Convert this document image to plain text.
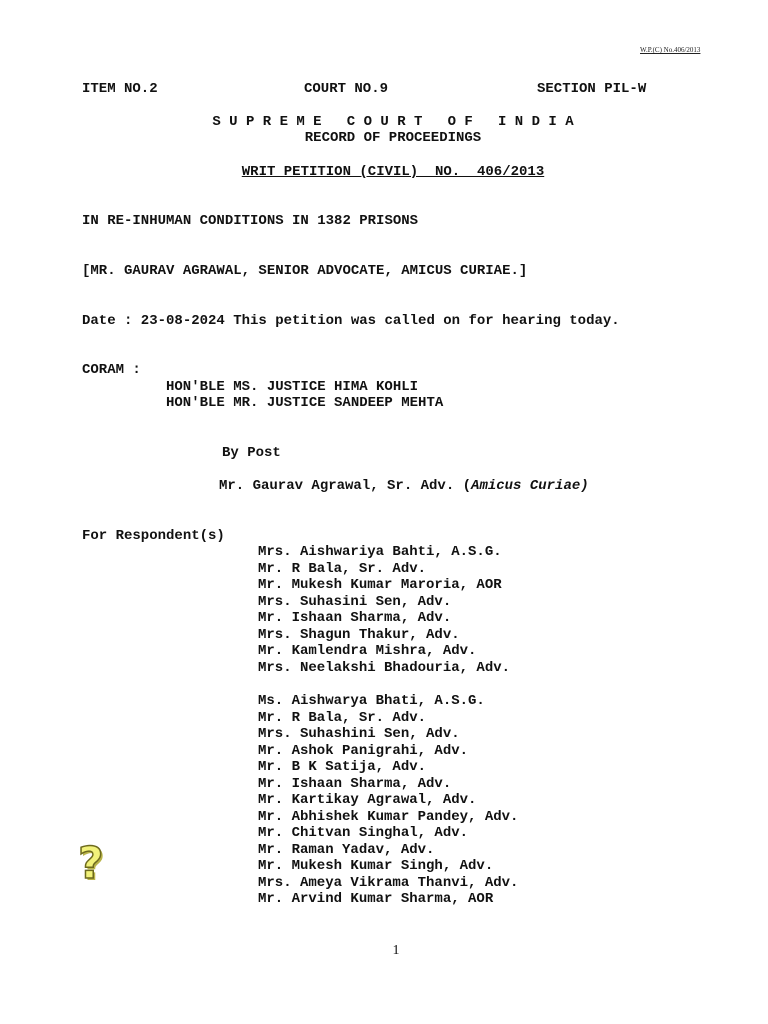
W.P.(C) No.406/2013
ITEM NO.2	COURT NO.9	SECTION PIL-W
S U P R E M E   C O U R T   O F   I N D I A
RECORD OF PROCEEDINGS
WRIT PETITION (CIVIL)  NO.  406/2013
IN RE-INHUMAN CONDITIONS IN 1382 PRISONS
[MR. GAURAV AGRAWAL, SENIOR ADVOCATE, AMICUS CURIAE.]
Date : 23-08-2024 This petition was called on for hearing today.
CORAM :
HON'BLE MS. JUSTICE HIMA KOHLI
HON'BLE MR. JUSTICE SANDEEP MEHTA
By Post
Mr. Gaurav Agrawal, Sr. Adv. (Amicus Curiae)
For Respondent(s)
Mrs. Aishwariya Bahti, A.S.G.
Mr. R Bala, Sr. Adv.
Mr. Mukesh Kumar Maroria, AOR
Mrs. Suhasini Sen, Adv.
Mr. Ishaan Sharma, Adv.
Mrs. Shagun Thakur, Adv.
Mr. Kamlendra Mishra, Adv.
Mrs. Neelakshi Bhadouria, Adv.
Ms. Aishwarya Bhati, A.S.G.
Mr. R Bala, Sr. Adv.
Mrs. Suhashini Sen, Adv.
Mr. Ashok Panigrahi, Adv.
Mr. B K Satija, Adv.
Mr. Ishaan Sharma, Adv.
Mr. Kartikay Agrawal, Adv.
Mr. Abhishek Kumar Pandey, Adv.
Mr. Chitvan Singhal, Adv.
Mr. Raman Yadav, Adv.
Mr. Mukesh Kumar Singh, Adv.
Mrs. Ameya Vikrama Thanvi, Adv.
Mr. Arvind Kumar Sharma, AOR
?
1
